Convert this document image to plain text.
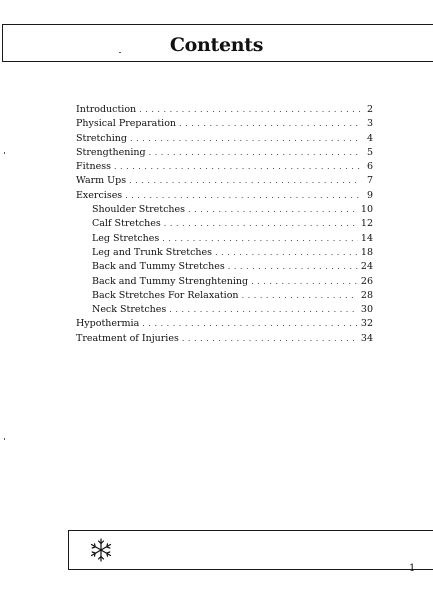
Contents
Introduction . . .	2
Physical Preparation . . .	3
Stretching . . .	4
Strengthening . . .	5
Fitness . . .	6
Warm Ups . . .	7
Exercises . . .	9
Shoulder Stretches . . .	10
Calf Stretches . . .	12
Leg Stretches . . .	14
Leg and Trunk Stretches . . .	18
Back and Tummy Stretches . . .	24
Back and Tummy Strenghtening . . .	26
Back Stretches For Relaxation . . .	28
Neck Stretches . . .	30
Hypothermia . . .	32
Treatment of Injuries . . .	34
1
